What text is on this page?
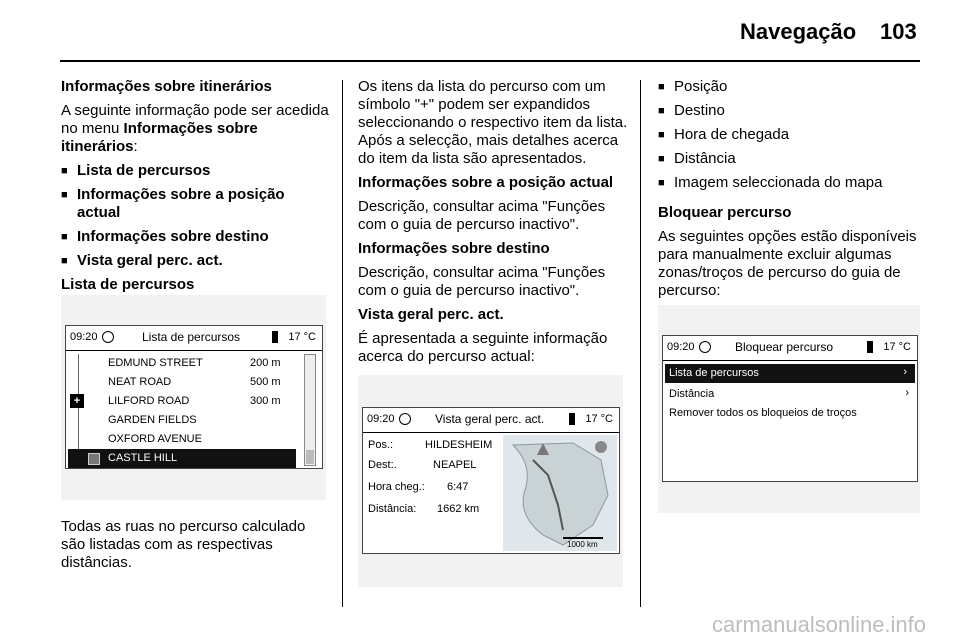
Navegação 103

Informações sobre itinerários

A seguinte informação pode ser acedida no menu Informações sobre itinerários:

■ Lista de percursos
■ Informações sobre a posição actual
■ Informações sobre destino
■ Vista geral perc. act.

Lista de percursos

09:20	Lista de percursos	17 °C
EDMUND STREET	200 m
NEAT ROAD	500 m
+	LILFORD ROAD	300 m
GARDEN FIELDS
OXFORD AVENUE
CASTLE HILL
Todas as ruas no percurso calculado são listadas com as respectivas distâncias.

Os itens da lista do percurso com um símbolo "+" podem ser expandidos seleccionando o respectivo item da lista. Após a selecção, mais detalhes acerca do item da lista são apresentados.

Informações sobre a posição actual

Descrição, consultar acima "Funções com o guia de percurso inactivo".

Informações sobre destino

Descrição, consultar acima "Funções com o guia de percurso inactivo".

Vista geral perc. act.

É apresentada a seguinte informação acerca do percurso actual:

09:20	Vista geral perc. act.	17 °C
Pos.:	HILDESHEIM
Dest:.	NEAPEL
Hora cheg.: 6:47
Distância: 1662 km
1000 km
■ Posição
■ Destino
■ Hora de chegada
■ Distância
■ Imagem seleccionada do mapa

Bloquear percurso

As seguintes opções estão disponíveis para manualmente excluir algumas zonas/troços de percurso do guia de percurso:

09:20	Bloquear percurso	17 °C
Lista de percursos	›
Distância	›
Remover todos os bloqueios de troços
carmanualsonline.info
